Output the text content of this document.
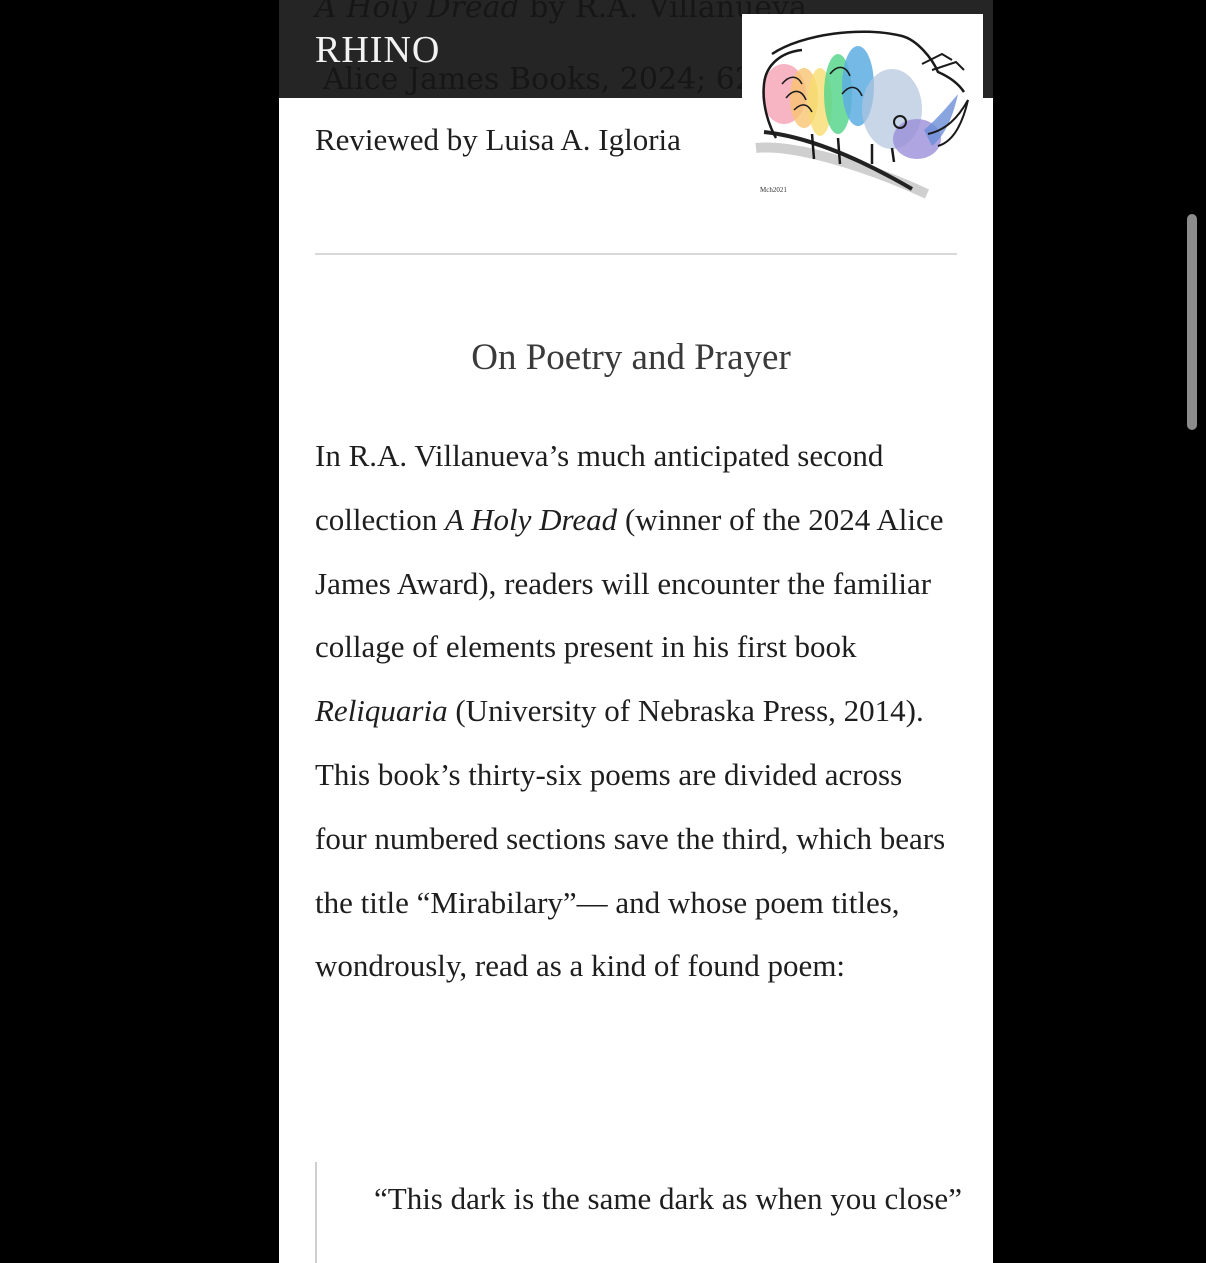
RHINO
Mch2021
Reviewed by Luisa A. Igloria
On Poetry and Prayer
In R.A. Villanueva’s much anticipated second collection A Holy Dread (winner of the 2024 Alice James Award), readers will encounter the familiar collage of elements present in his first book Reliquaria (University of Nebraska Press, 2014). This book’s thirty-six poems are divided across four numbered sections save the third, which bears the title “Mirabilary”— and whose poem titles, wondrously, read as a kind of found poem:
“This dark is the same dark as when you close”
